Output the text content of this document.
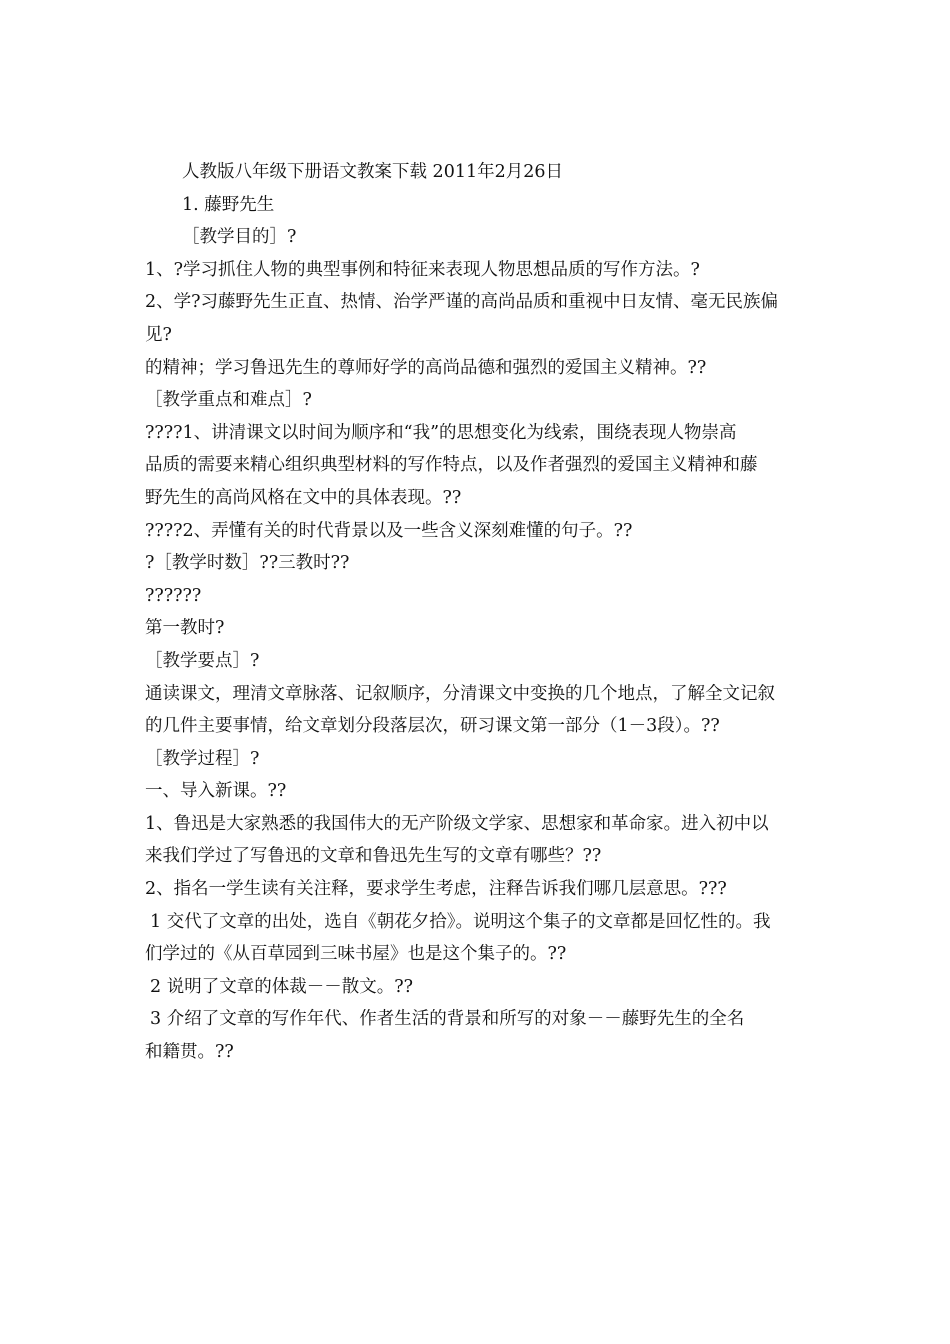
人教版八年级下册语文教案下载 2011年2月26日
1. 藤野先生
［教学目的］?
1、?学习抓住人物的典型事例和特征来表现人物思想品质的写作方法。?
2、学?习藤野先生正直、热情、治学严谨的高尚品质和重视中日友情、毫无民族偏
见?
的精神；学习鲁迅先生的尊师好学的高尚品德和强烈的爱国主义精神。??
［教学重点和难点］?
????1、讲清课文以时间为顺序和“我”的思想变化为线索，围绕表现人物崇高
品质的需要来精心组织典型材料的写作特点，以及作者强烈的爱国主义精神和藤
野先生的高尚风格在文中的具体表现。??
????2、弄懂有关的时代背景以及一些含义深刻难懂的句子。??
?［教学时数］??三教时??
??????
第一教时?
［教学要点］?
通读课文，理清文章脉落、记叙顺序，分清课文中变换的几个地点，了解全文记叙
的几件主要事情，给文章划分段落层次，研习课文第一部分（1－3段）。??
［教学过程］?
一、导入新课。??
1、鲁迅是大家熟悉的我国伟大的无产阶级文学家、思想家和革命家。进入初中以
来我们学过了写鲁迅的文章和鲁迅先生写的文章有哪些？??
2、指名一学生读有关注释，要求学生考虑，注释告诉我们哪几层意思。???
1 交代了文章的出处，选自《朝花夕拾》。说明这个集子的文章都是回忆性的。我
们学过的《从百草园到三味书屋》也是这个集子的。??
2 说明了文章的体裁－－散文。??
3 介绍了文章的写作年代、作者生活的背景和所写的对象－－藤野先生的全名
和籍贯。??
